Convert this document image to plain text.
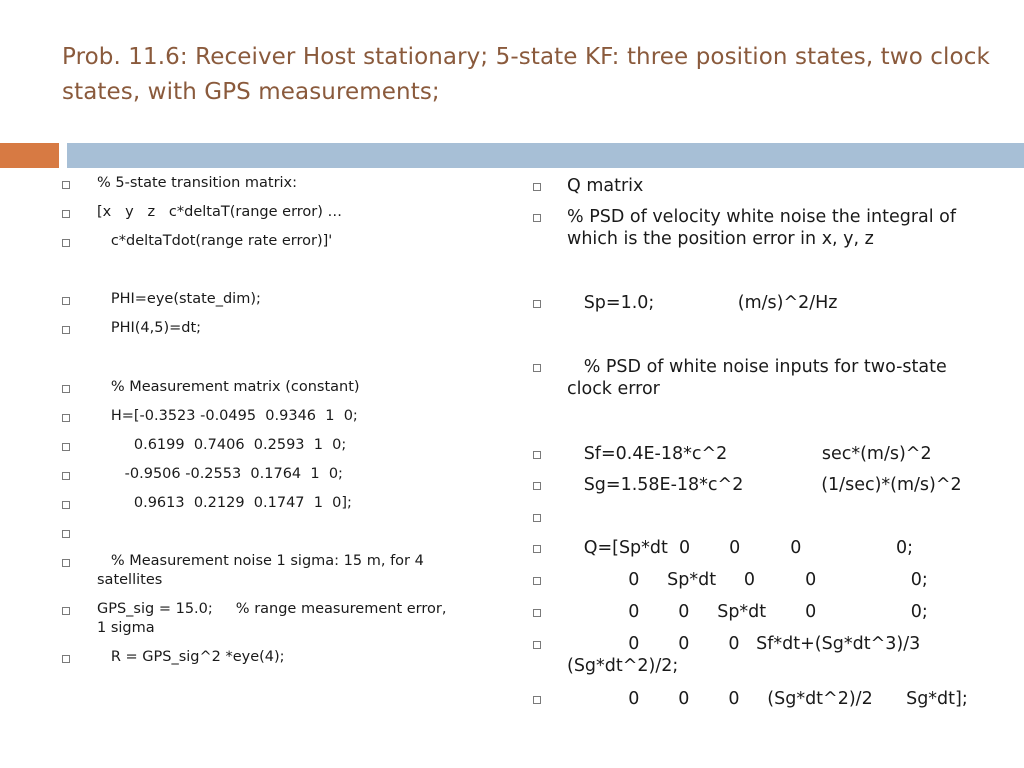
Prob. 11.6: Receiver Host stationary; 5-state KF: three position states, two clock states, with GPS measurements;
% 5-state transition matrix:
[x   y   z   c*deltaT(range error) …
c*deltaTdot(range rate error)]'
PHI=eye(state_dim);
PHI(4,5)=dt;
% Measurement matrix (constant)
H=[-0.3523 -0.0495  0.9346  1  0;
0.6199  0.7406  0.2593  1  0;
-0.9506 -0.2553  0.1764  1  0;
0.9613  0.2129  0.1747  1  0];
% Measurement noise 1 sigma: 15 m, for 4
satellites
GPS_sig = 15.0;     % range measurement error,
1 sigma
R = GPS_sig^2 *eye(4);
Q matrix
% PSD of velocity white noise the integral of
which is the position error in x, y, z
Sp=1.0;               (m/s)^2/Hz
% PSD of white noise inputs for two-state
clock error
Sf=0.4E-18*c^2                 sec*(m/s)^2
Sg=1.58E-18*c^2              (1/sec)*(m/s)^2
Q=[Sp*dt  0       0         0                 0;
0     Sp*dt     0         0                 0;
0       0     Sp*dt       0                 0;
0       0       0   Sf*dt+(Sg*dt^3)/3
(Sg*dt^2)/2;
0       0       0     (Sg*dt^2)/2      Sg*dt];
